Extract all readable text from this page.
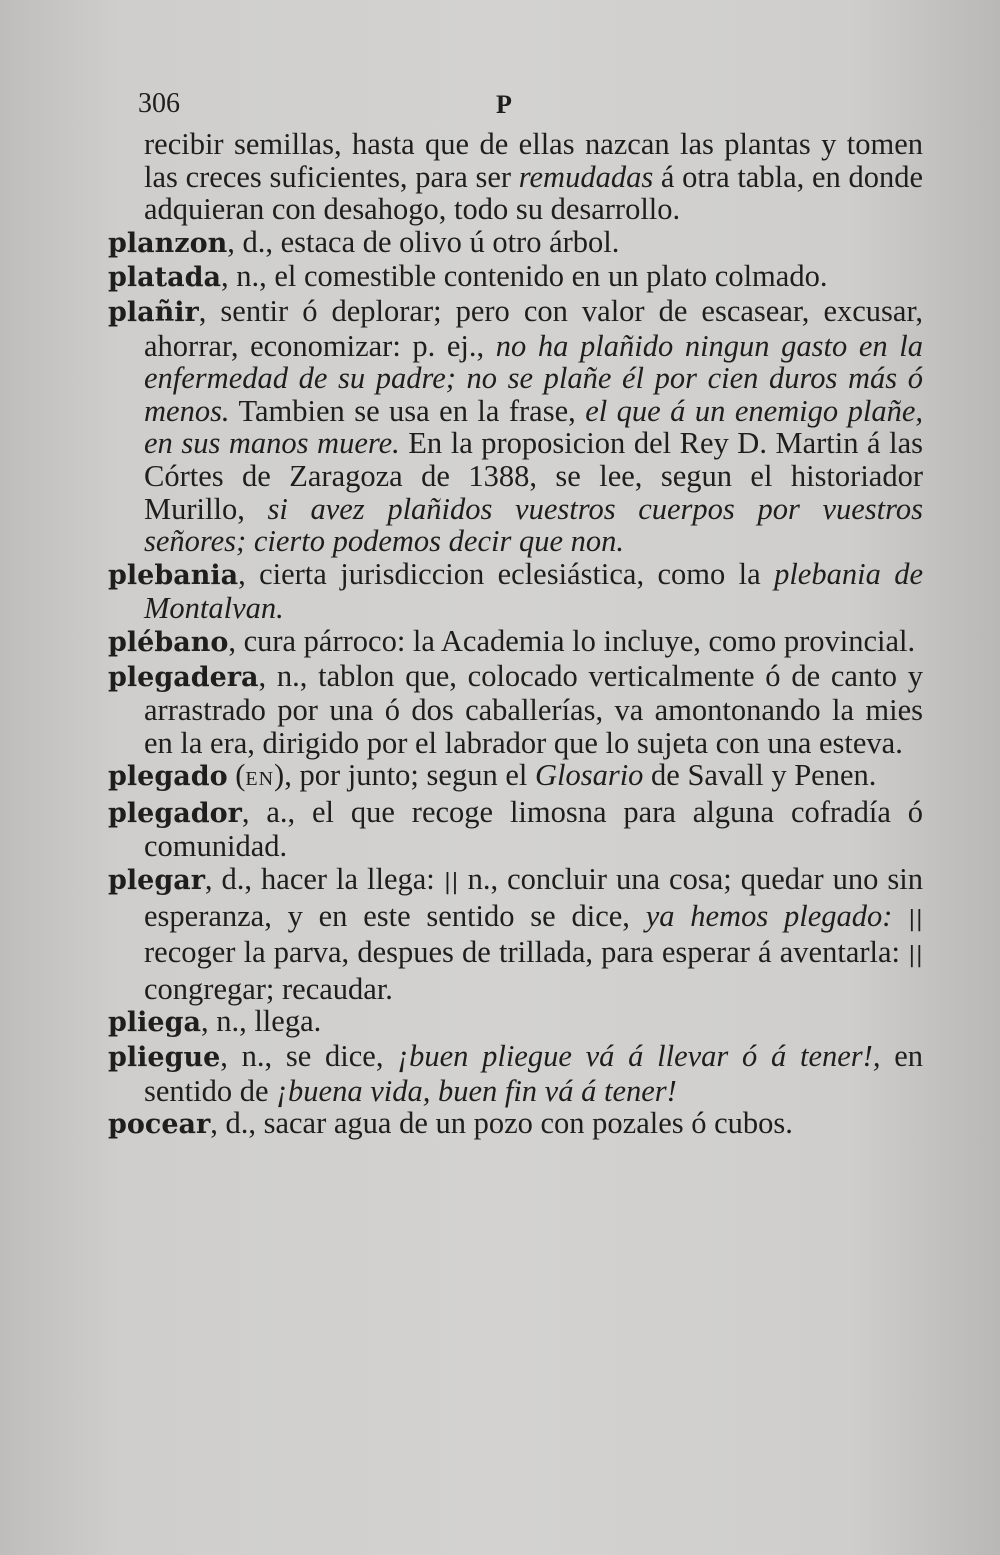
306	P
recibir semillas, hasta que de ellas nazcan las plantas y tomen las creces suficientes, para ser remudadas á otra tabla, en donde adquieran con desahogo, todo su desarrollo.
planzon, d., estaca de olivo ú otro árbol.
platada, n., el comestible contenido en un plato colmado.
plañir, sentir ó deplorar; pero con valor de escasear, excusar, ahorrar, economizar: p. ej., no ha plañido ningun gasto en la enfermedad de su padre; no se plañe él por cien duros más ó menos. Tambien se usa en la frase, el que á un enemigo plañe, en sus manos muere. En la proposicion del Rey D. Martin á las Córtes de Zaragoza de 1388, se lee, segun el historiador Murillo, si avez plañidos vuestros cuerpos por vuestros señores; cierto podemos decir que non.
plebania, cierta jurisdiccion eclesiástica, como la plebania de Montalvan.
plébano, cura párroco: la Academia lo incluye, como provincial.
plegadera, n., tablon que, colocado verticalmente ó de canto y arrastrado por una ó dos caballerías, va amontonando la mies en la era, dirigido por el labrador que lo sujeta con una esteva.
plegado (EN), por junto; segun el Glosario de Savall y Penen.
plegador, a., el que recoge limosna para alguna cofradía ó comunidad.
plegar, d., hacer la llega: || n., concluir una cosa; quedar uno sin esperanza, y en este sentido se dice, ya hemos plegado: || recoger la parva, despues de trillada, para esperar á aventarla: || congregar; recaudar.
pliega, n., llega.
pliegue, n., se dice, ¡buen pliegue vá á llevar ó á tener!, en sentido de ¡buena vida, buen fin vá á tener!
pocear, d., sacar agua de un pozo con pozales ó cubos.
